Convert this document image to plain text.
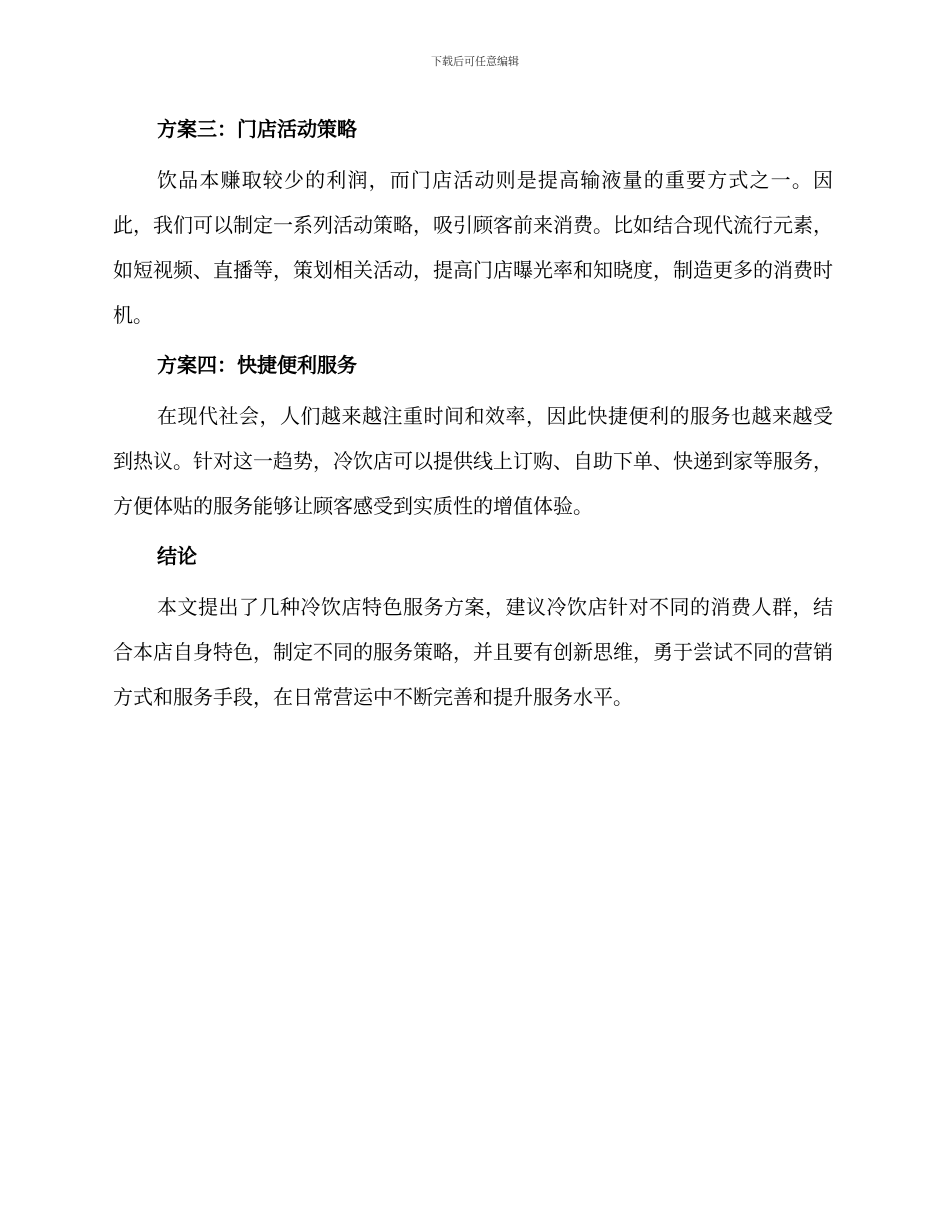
下载后可任意编辑
方案三：门店活动策略

饮品本赚取较少的利润，而门店活动则是提高输液量的重要方式之一。因此，我们可以制定一系列活动策略，吸引顾客前来消费。比如结合现代流行元素，如短视频、直播等，策划相关活动，提高门店曝光率和知晓度，制造更多的消费时机。

方案四：快捷便利服务

在现代社会，人们越来越注重时间和效率，因此快捷便利的服务也越来越受到热议。针对这一趋势，冷饮店可以提供线上订购、自助下单、快递到家等服务，方便体贴的服务能够让顾客感受到实质性的增值体验。

结论

本文提出了几种冷饮店特色服务方案，建议冷饮店针对不同的消费人群，结合本店自身特色，制定不同的服务策略，并且要有创新思维，勇于尝试不同的营销方式和服务手段，在日常营运中不断完善和提升服务水平。
